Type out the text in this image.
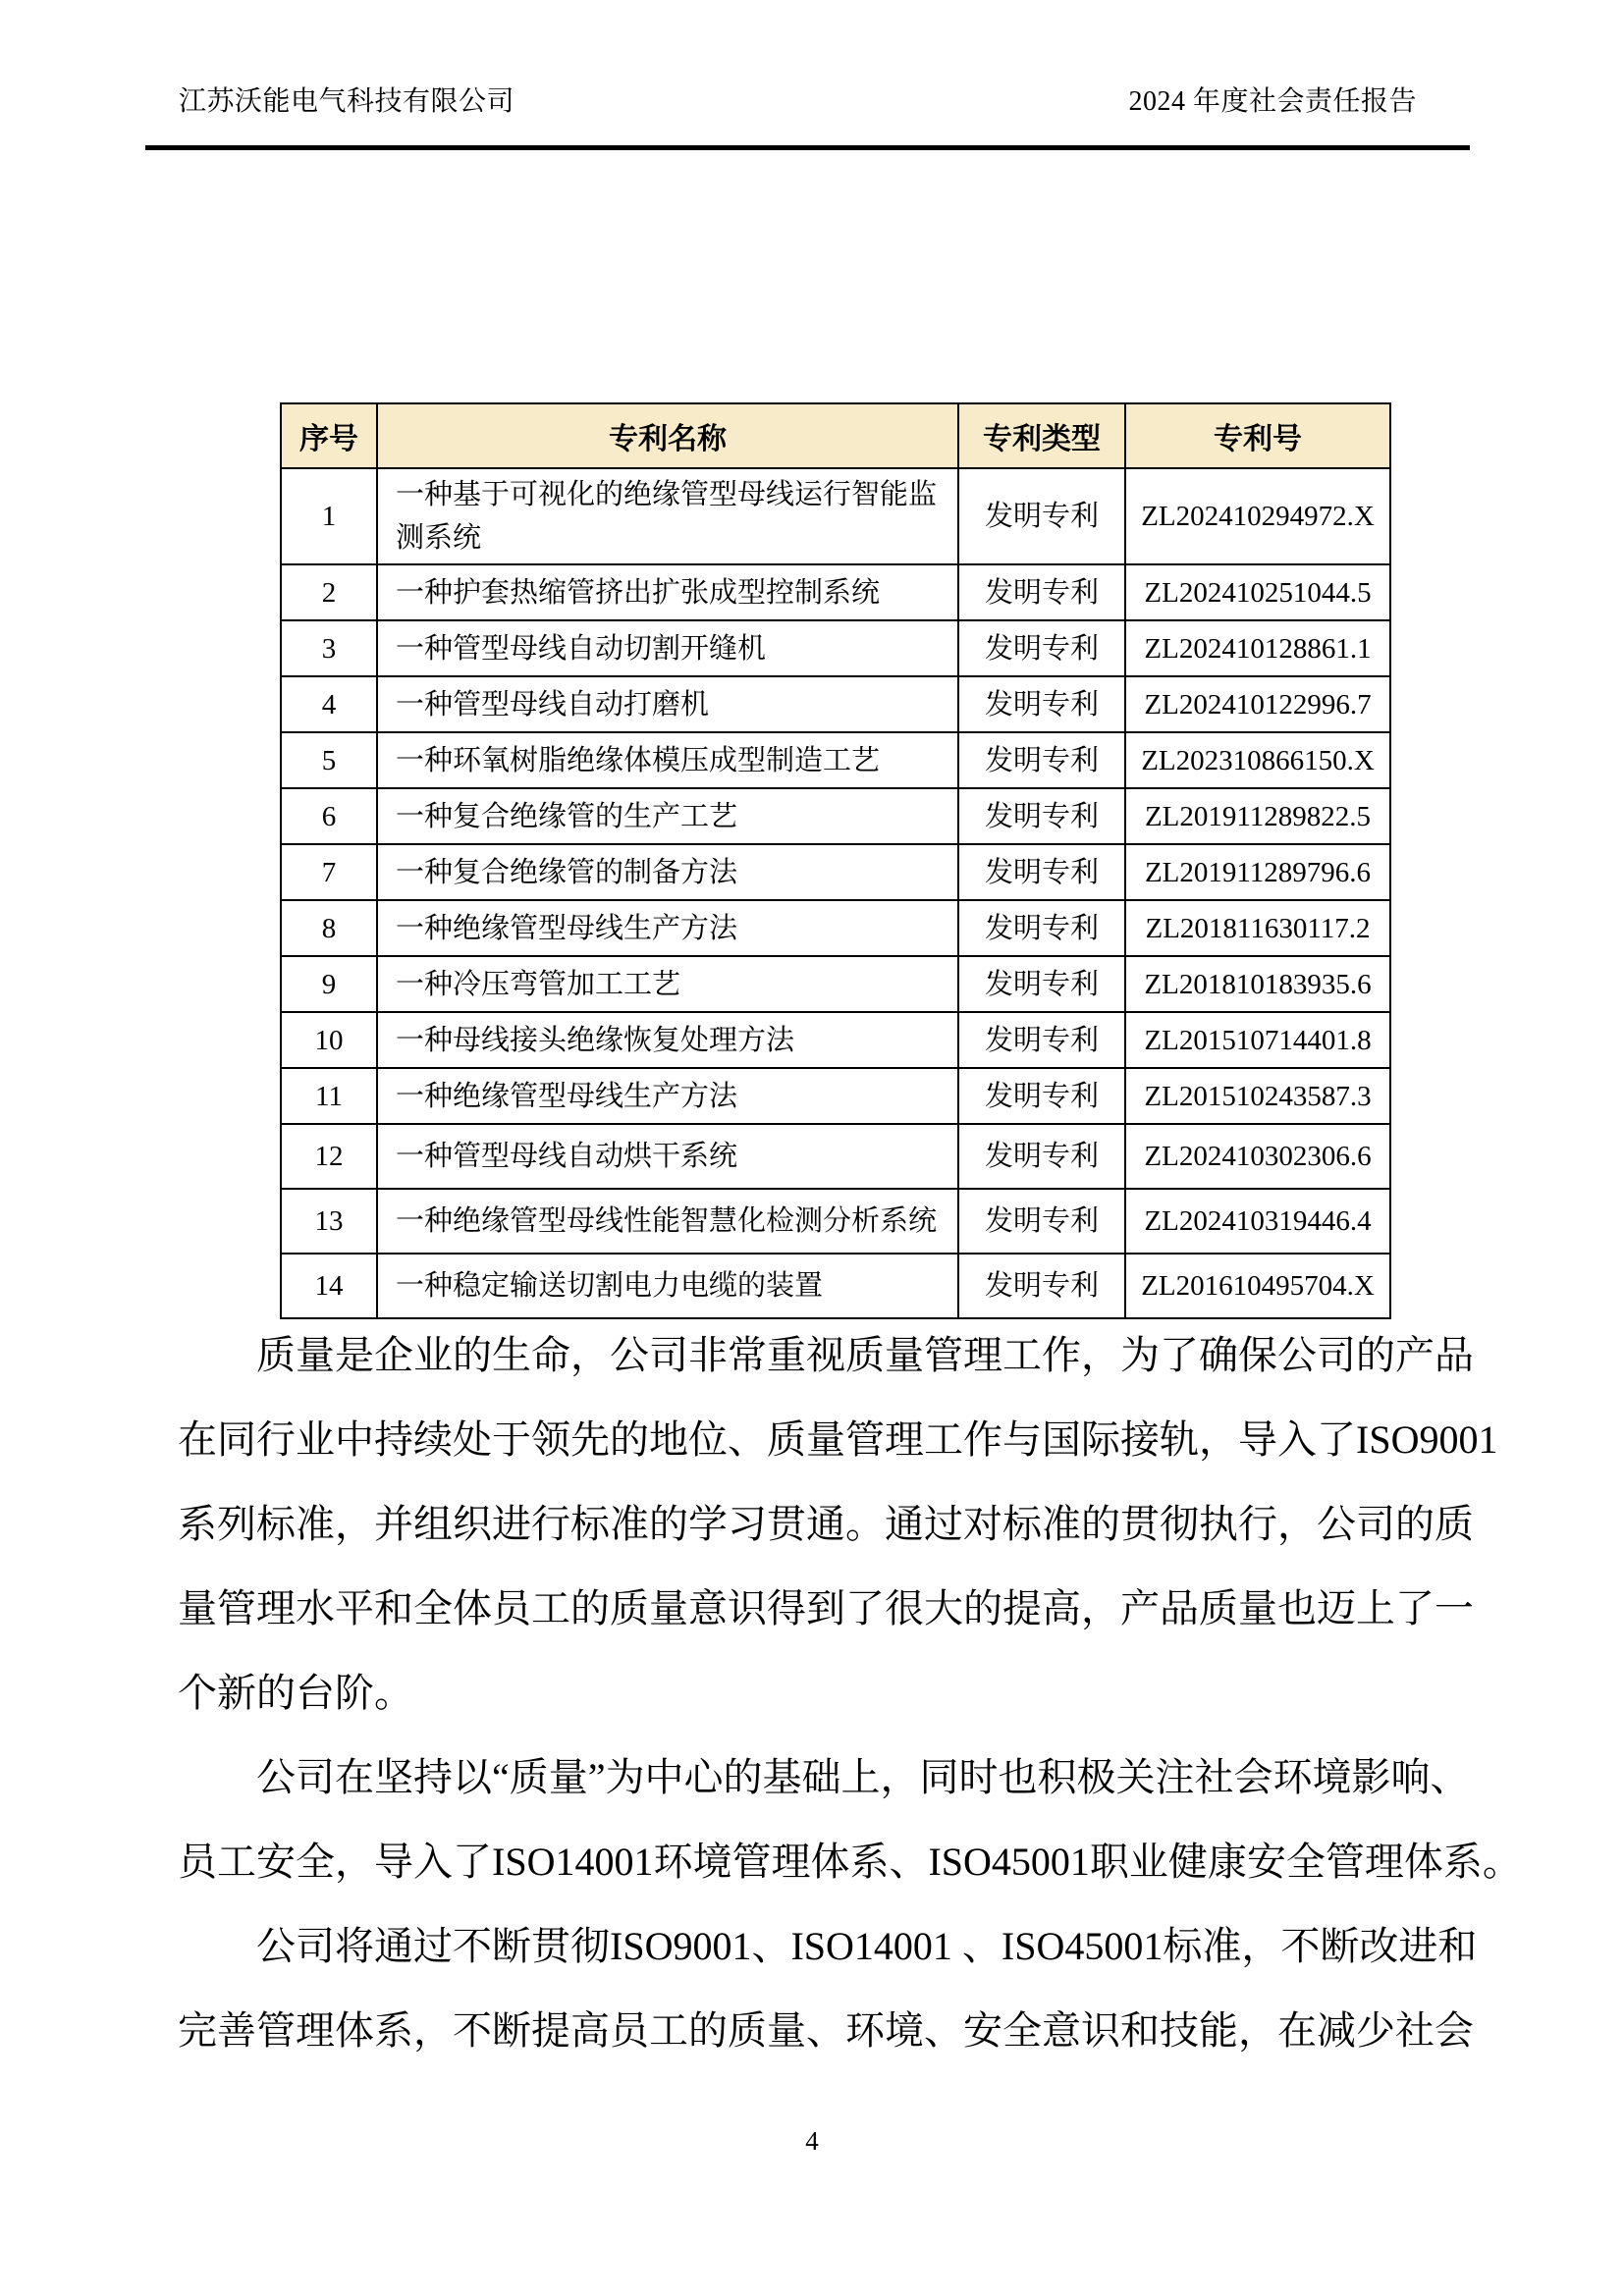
江苏沃能电气科技有限公司	2024 年度社会责任报告
序号	专利名称	专利类型	专利号
1	一种基于可视化的绝缘管型母线运行智能监测系统	发明专利	ZL202410294972.X
2	一种护套热缩管挤出扩张成型控制系统	发明专利	ZL202410251044.5
3	一种管型母线自动切割开缝机	发明专利	ZL202410128861.1
4	一种管型母线自动打磨机	发明专利	ZL202410122996.7
5	一种环氧树脂绝缘体模压成型制造工艺	发明专利	ZL202310866150.X
6	一种复合绝缘管的生产工艺	发明专利	ZL201911289822.5
7	一种复合绝缘管的制备方法	发明专利	ZL201911289796.6
8	一种绝缘管型母线生产方法	发明专利	ZL201811630117.2
9	一种冷压弯管加工工艺	发明专利	ZL201810183935.6
10	一种母线接头绝缘恢复处理方法	发明专利	ZL201510714401.8
11	一种绝缘管型母线生产方法	发明专利	ZL201510243587.3
12	一种管型母线自动烘干系统	发明专利	ZL202410302306.6
13	一种绝缘管型母线性能智慧化检测分析系统	发明专利	ZL202410319446.4
14	一种稳定输送切割电力电缆的装置	发明专利	ZL201610495704.X
质量是企业的生命，公司非常重视质量管理工作，为了确保公司的产品
在同行业中持续处于领先的地位、质量管理工作与国际接轨，导入了ISO9001
系列标准，并组织进行标准的学习贯通。通过对标准的贯彻执行，公司的质
量管理水平和全体员工的质量意识得到了很大的提高，产品质量也迈上了一
个新的台阶。
公司在坚持以“质量”为中心的基础上，同时也积极关注社会环境影响、
员工安全，导入了ISO14001环境管理体系、ISO45001职业健康安全管理体系。
公司将通过不断贯彻ISO9001、ISO14001 、ISO45001标准，不断改进和
完善管理体系，不断提高员工的质量、环境、安全意识和技能，在减少社会
4
